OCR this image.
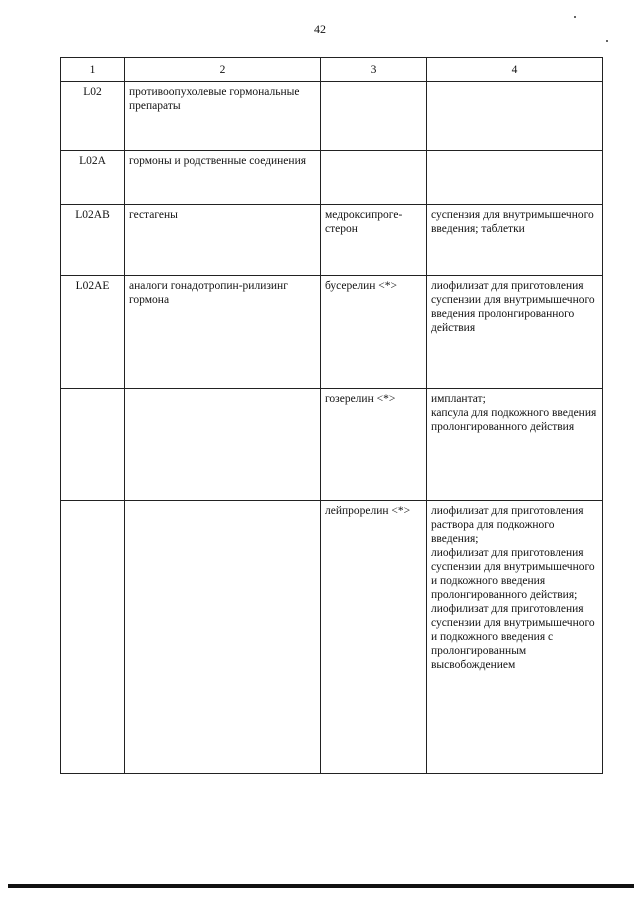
42
1	2	3	4
L02	противоопухолевые гормональные препараты		
L02A	гормоны и родственные соединения		
L02AB	гестагены	медроксипроге-стерон	суспензия для внутримышечного введения; таблетки
L02AE	аналоги гонадотропин-рилизинг гормона	бусерелин <*>	лиофилизат для приготовления суспензии для внутримышечного введения пролонгированного действия
		гозерелин <*>	имплантат;
капсула для подкожного введения пролонгированного действия

		лейпрорелин <*>	лиофилизат для приготовления раствора для подкожного введения;
лиофилизат для приготовления суспензии для внутримышечного и подкожного введения пролонгированного действия;
лиофилизат для приготовления суспензии для внутримышечного и подкожного введения с пролонгированным высвобождением
